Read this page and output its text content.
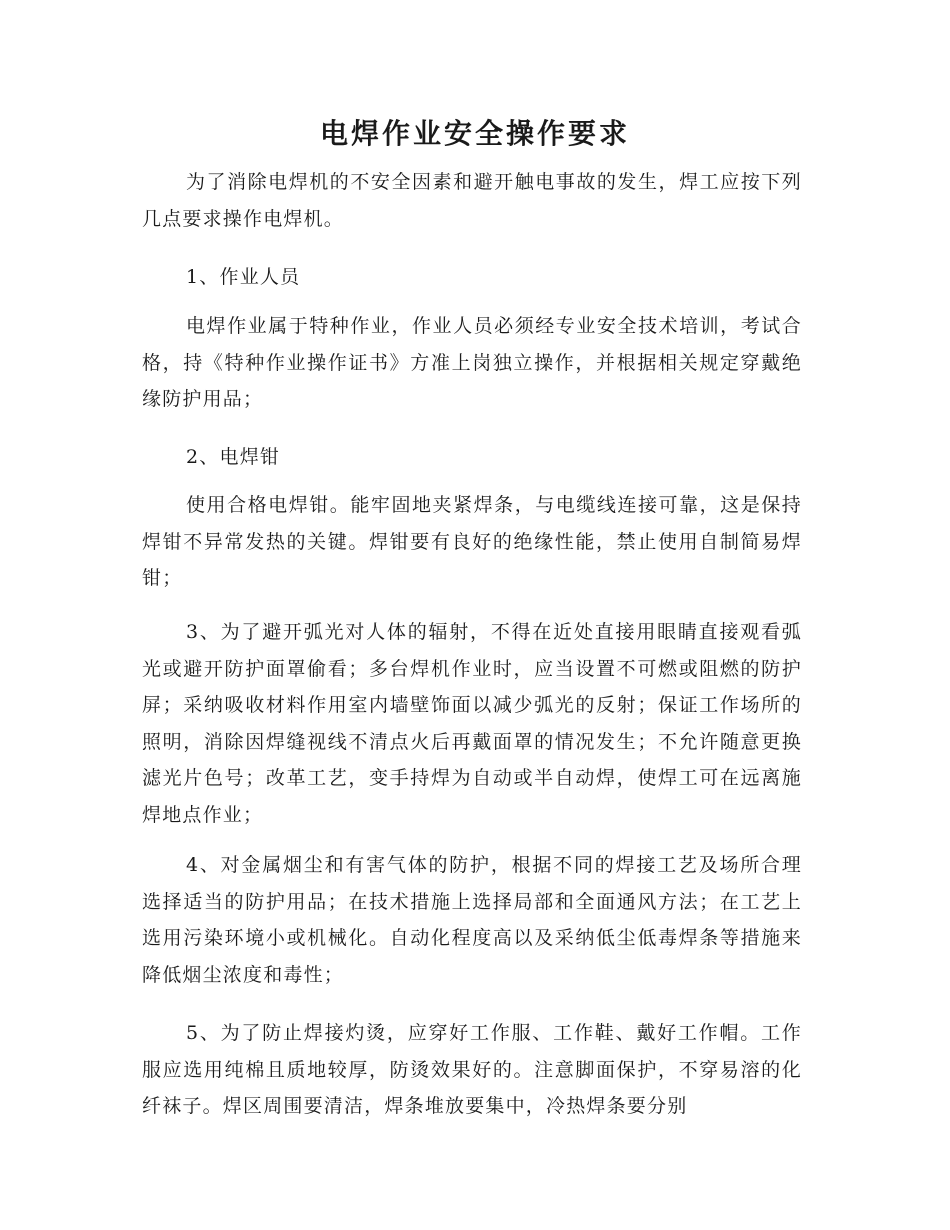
电焊作业安全操作要求
为了消除电焊机的不安全因素和避开触电事故的发生，焊工应按下列几点要求操作电焊机。
1、作业人员
电焊作业属于特种作业，作业人员必须经专业安全技术培训，考试合格，持《特种作业操作证书》方准上岗独立操作，并根据相关规定穿戴绝缘防护用品；
2、电焊钳
使用合格电焊钳。能牢固地夹紧焊条，与电缆线连接可靠，这是保持焊钳不异常发热的关键。焊钳要有良好的绝缘性能，禁止使用自制简易焊钳；
3、为了避开弧光对人体的辐射，不得在近处直接用眼睛直接观看弧光或避开防护面罩偷看；多台焊机作业时，应当设置不可燃或阻燃的防护屏；采纳吸收材料作用室内墙壁饰面以减少弧光的反射；保证工作场所的照明，消除因焊缝视线不清点火后再戴面罩的情况发生；不允许随意更换滤光片色号；改革工艺，变手持焊为自动或半自动焊，使焊工可在远离施焊地点作业；
4、对金属烟尘和有害气体的防护，根据不同的焊接工艺及场所合理选择适当的防护用品；在技术措施上选择局部和全面通风方法；在工艺上选用污染环境小或机械化。自动化程度高以及采纳低尘低毒焊条等措施来降低烟尘浓度和毒性；
5、为了防止焊接灼烫，应穿好工作服、工作鞋、戴好工作帽。工作服应选用纯棉且质地较厚，防烫效果好的。注意脚面保护，不穿易溶的化纤袜子。焊区周围要清洁，焊条堆放要集中，冷热焊条要分别
